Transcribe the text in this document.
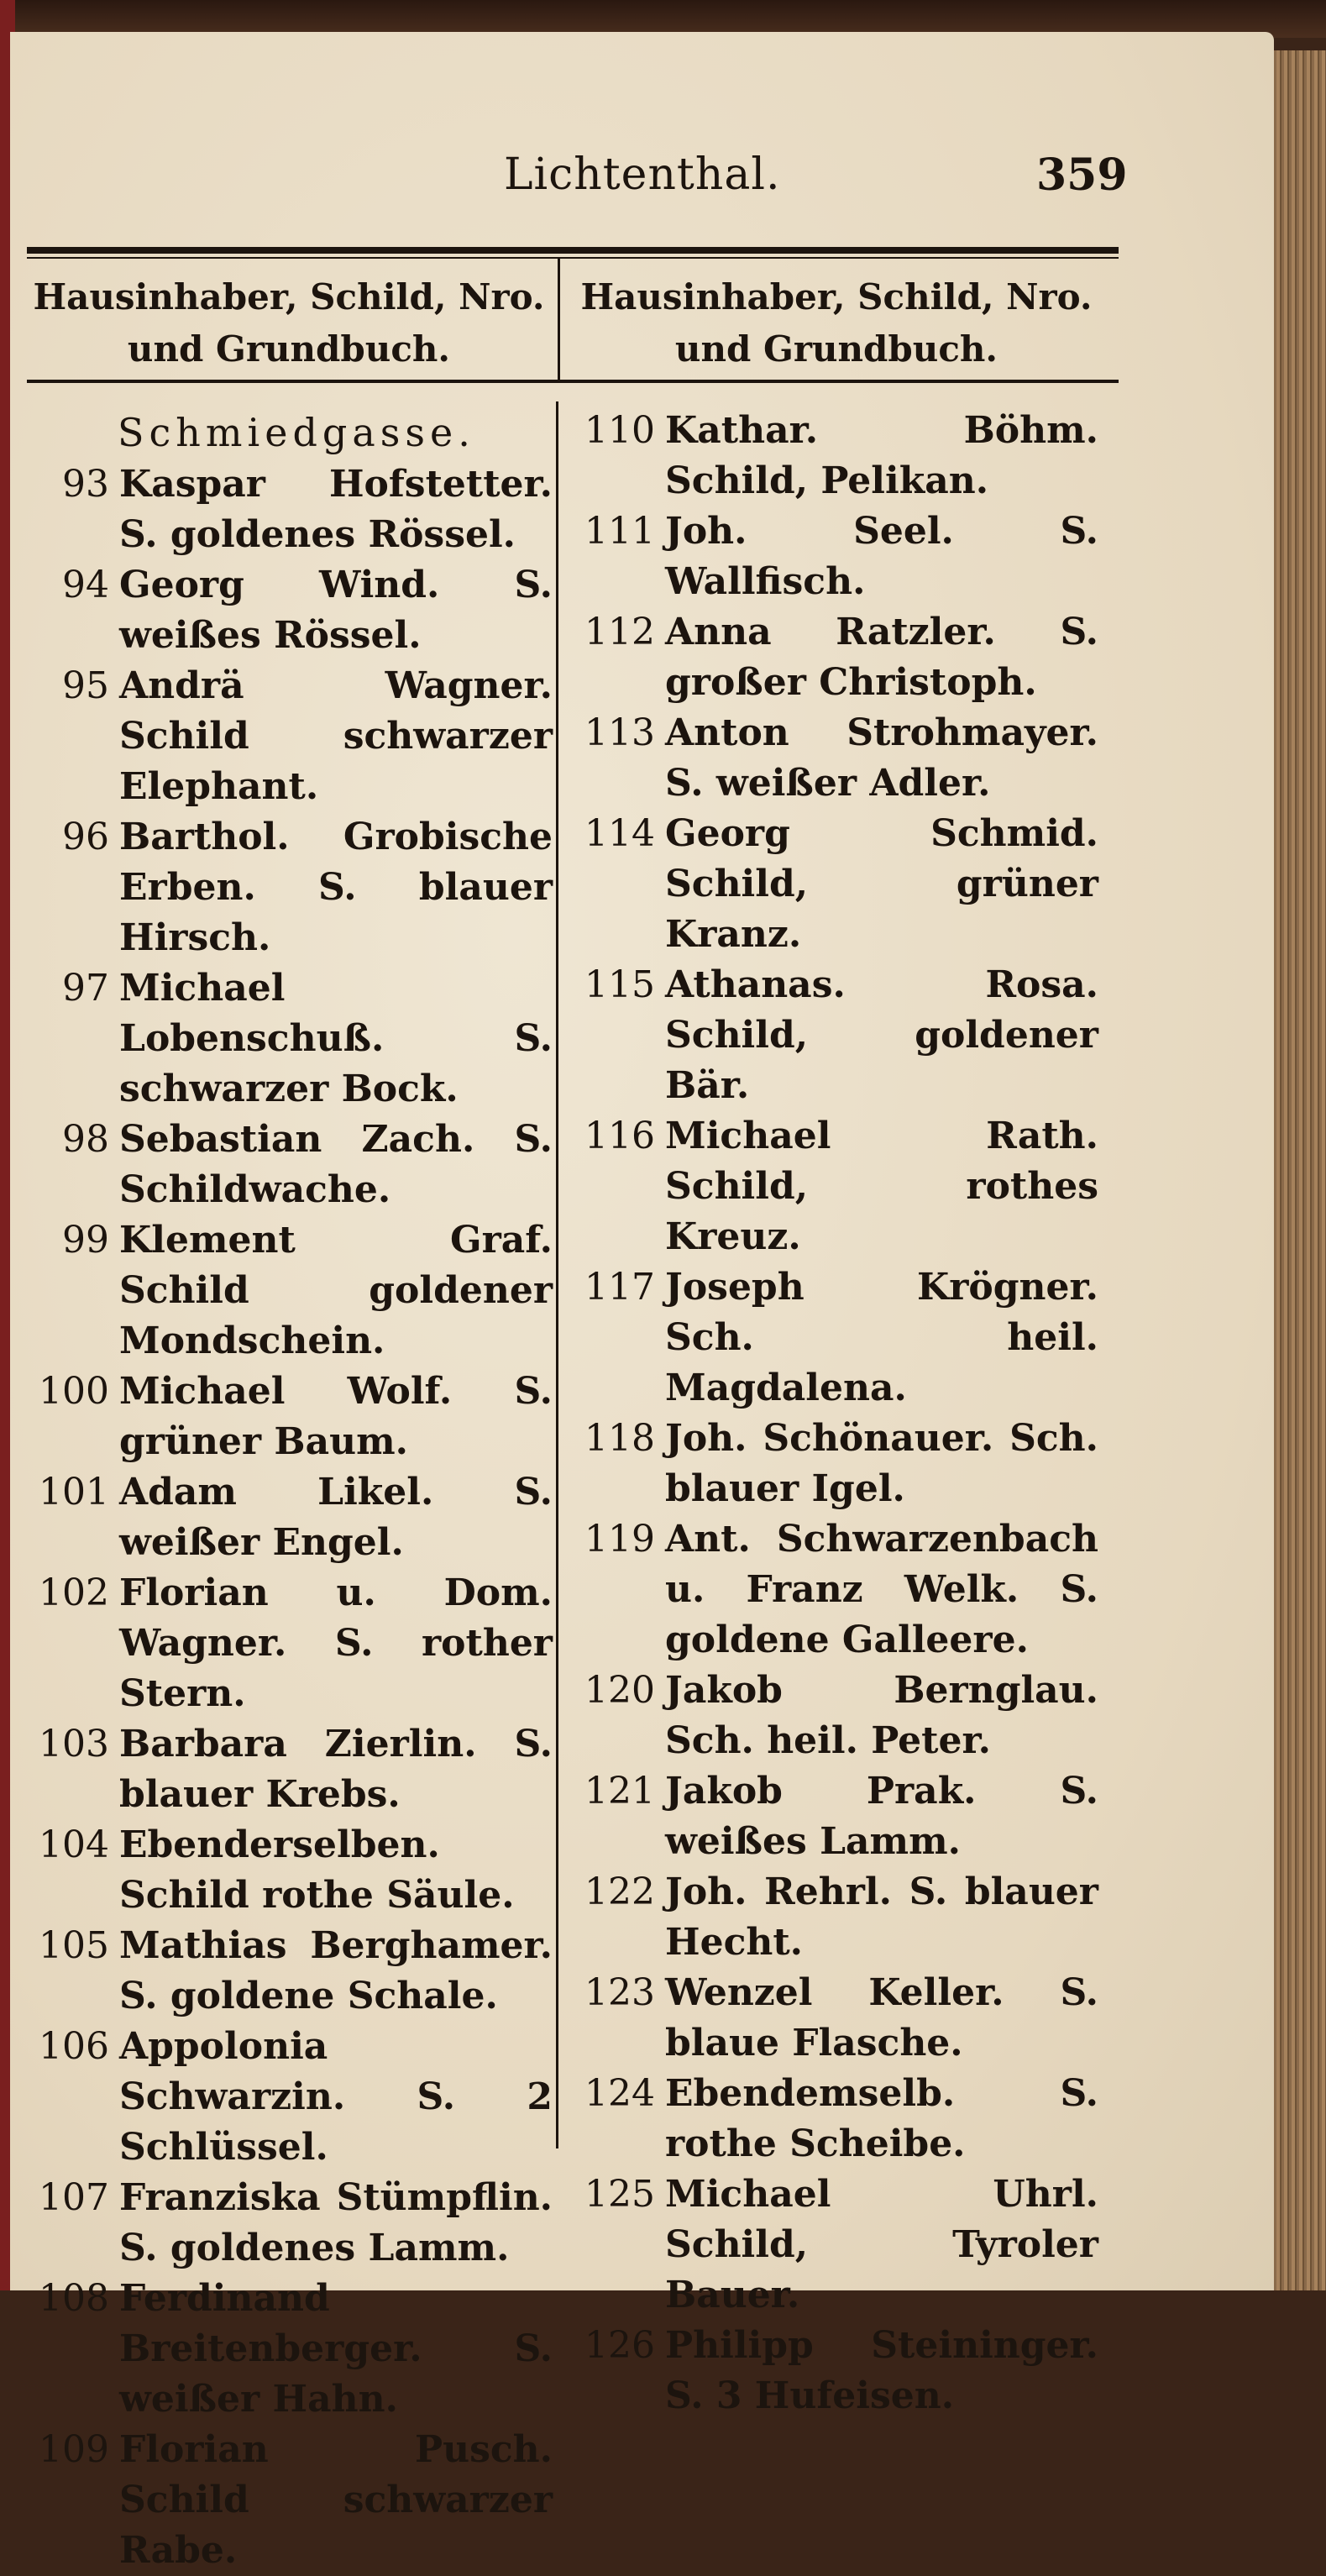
Lichtenthal.	359
Hausinhaber, Schild, Nro. und Grundbuch.
Hausinhaber, Schild, Nro. und Grundbuch.
Schmiedgasse.
93 Kaspar Hofstetter. S. goldenes Rössel.
94 Georg Wind. S. weißes Rössel.
95 Andrä Wagner. Schild schwarzer Elephant.
96 Barthol. Grobische Erben. S. blauer Hirsch.
97 Michael Lobenschuß. S. schwarzer Bock.
98 Sebastian Zach. S. Schildwache.
99 Klement Graf. Schild goldener Mondschein.
100 Michael Wolf. S. grüner Baum.
101 Adam Likel. S. weißer Engel.
102 Florian u. Dom. Wagner. S. rother Stern.
103 Barbara Zierlin. S. blauer Krebs.
104 Ebenderselben. Schild rothe Säule.
105 Mathias Berghamer. S. goldene Schale.
106 Appolonia Schwarzin. S. 2 Schlüssel.
107 Franziska Stümpflin. S. goldenes Lamm.
108 Ferdinand Breitenberger. S. weißer Hahn.
109 Florian Pusch. Schild schwarzer Rabe.
110 Kathar. Böhm. Schild, Pelikan.
111 Joh. Seel. S. Wallfisch.
112 Anna Ratzler. S. großer Christoph.
113 Anton Strohmayer. S. weißer Adler.
114 Georg Schmid. Schild, grüner Kranz.
115 Athanas. Rosa. Schild, goldener Bär.
116 Michael Rath. Schild, rothes Kreuz.
117 Joseph Krögner. Sch. heil. Magdalena.
118 Joh. Schönauer. Sch. blauer Igel.
119 Ant. Schwarzenbach u. Franz Welk. S. goldene Galleere.
120 Jakob Bernglau. Sch. heil. Peter.
121 Jakob Prak. S. weißes Lamm.
122 Joh. Rehrl. S. blauer Hecht.
123 Wenzel Keller. S. blaue Flasche.
124 Ebendemselb. S. rothe Scheibe.
125 Michael Uhrl. Schild, Tyroler Bauer.
126 Philipp Steininger. S. 3 Hufeisen.
